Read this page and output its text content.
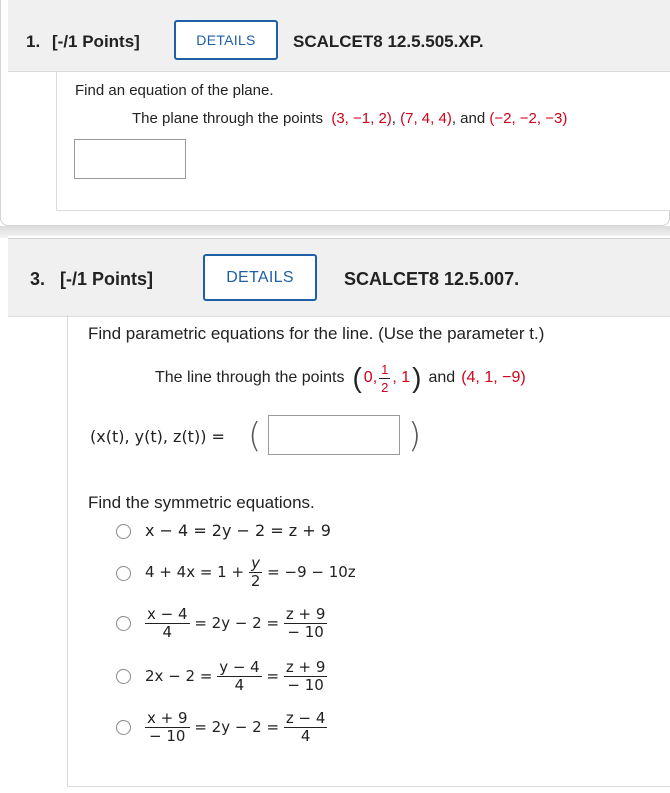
1. [-/1 Points]	DETAILS	SCALCET8 12.5.505.XP.
Find an equation of the plane.
The plane through the points (3, −1, 2), (7, 4, 4), and (−2, −2, −3)
3. [-/1 Points]	DETAILS	SCALCET8 12.5.007.
Find parametric equations for the line. (Use the parameter t.)
The line through the points ( 0, $\frac{1}{2}$ , 1 ) and (4, 1, −9)
(x(t), y(t), z(t)) = (	)
Find the symmetric equations.
x − 4 = 2y − 2 = z + 9
4 + 4x = 1 +
$\frac{y}{2}$
= −9 − 10z
$\frac{x - 4}{4}$
= 2y − 2 =
$\frac{z + 9}{- 10}$
2x − 2 =
$\frac{y - 4}{4}$
=
$\frac{z + 9}{- 10}$
$\frac{x + 9}{- 10}$
= 2y − 2 =
$\frac{z - 4}{4}$
